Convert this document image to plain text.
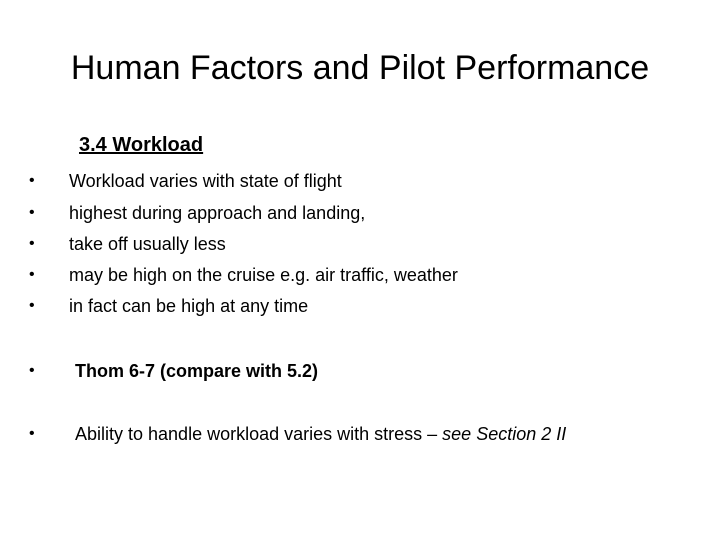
Human Factors and Pilot Performance
3.4 Workload
• Workload varies with state of flight
• highest during approach and landing,
• take off usually less
• may be high on the cruise e.g. air traffic, weather
• in fact can be high at any time
• Thom 6-7 (compare with 5.2)
• Ability to handle workload varies with stress – see Section 2 II
